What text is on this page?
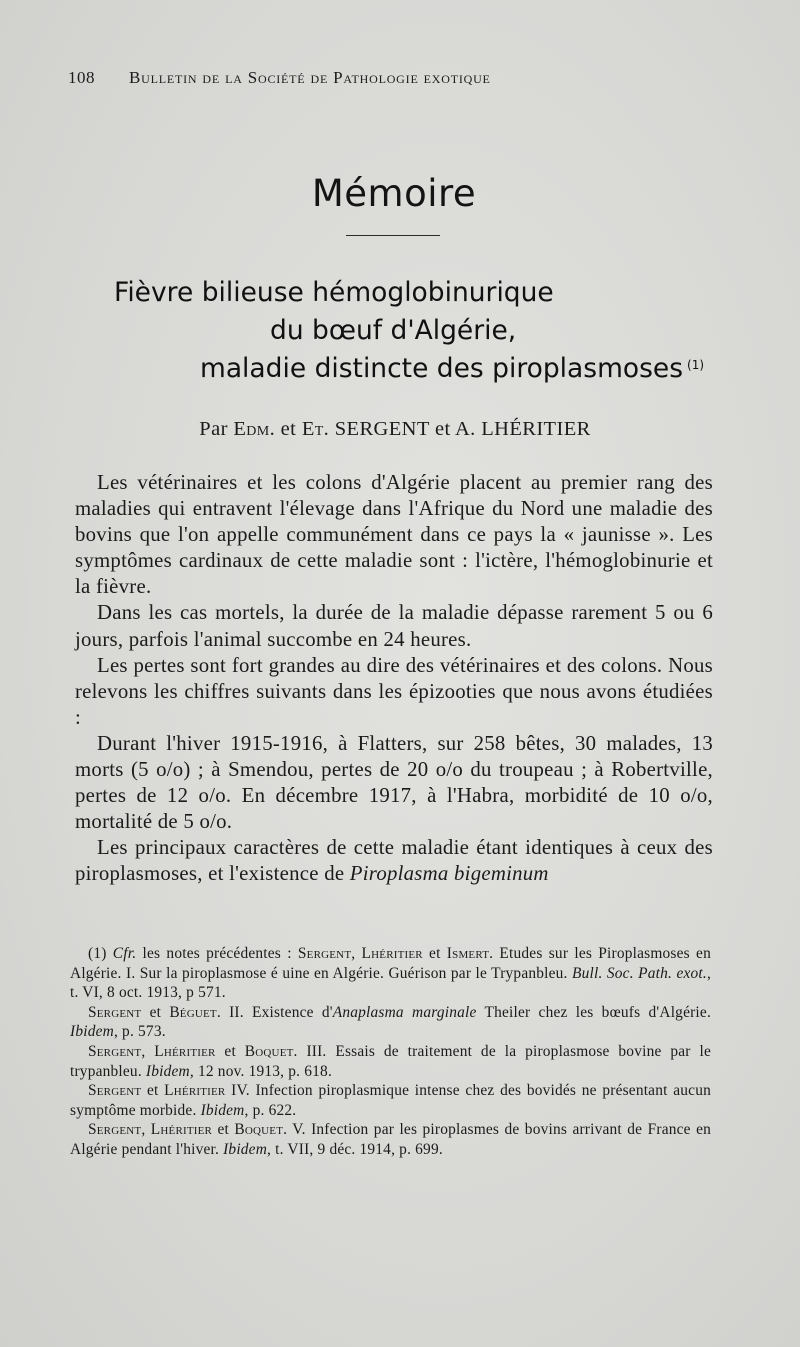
108 Bulletin de la Société de Pathologie exotique
Mémoire
Fièvre bilieuse hémoglobinurique
du bœuf d'Algérie,
maladie distincte des piroplasmoses $^{(1)}$
Par Edm. et Et. SERGENT et A. LHÉRITIER

Les vétérinaires et les colons d'Algérie placent au premier rang des maladies qui entravent l'élevage dans l'Afrique du Nord une maladie des bovins que l'on appelle communément dans ce pays la « jaunisse ». Les symptômes cardinaux de cette maladie sont : l'ictère, l'hémoglobinurie et la fièvre.

Dans les cas mortels, la durée de la maladie dépasse rarement 5 ou 6 jours, parfois l'animal succombe en 24 heures.

Les pertes sont fort grandes au dire des vétérinaires et des colons. Nous relevons les chiffres suivants dans les épizooties que nous avons étudiées :

Durant l'hiver 1915-1916, à Flatters, sur 258 bêtes, 30 malades, 13 morts (5 o/o) ; à Smendou, pertes de 20 o/o du troupeau ; à Robertville, pertes de 12 o/o. En décembre 1917, à l'Habra, morbidité de 10 o/o, mortalité de 5 o/o.

Les principaux caractères de cette maladie étant identiques à ceux des piroplasmoses, et l'existence de Piroplasma bigeminum

(1) Cfr. les notes précédentes : Sergent, Lhéritier et Ismert. Etudes sur les Piroplasmoses en Algérie. I. Sur la piroplasmose é uine en Algérie. Guérison par le Trypanbleu. Bull. Soc. Path. exot., t. VI, 8 oct. 1913, p 571.

Sergent et Béguet. II. Existence d'Anaplasma marginale Theiler chez les bœufs d'Algérie. Ibidem, p. 573.

Sergent, Lhéritier et Boquet. III. Essais de traitement de la piroplasmose bovine par le trypanbleu. Ibidem, 12 nov. 1913, p. 618.

Sergent et Lhéritier IV. Infection piroplasmique intense chez des bovidés ne présentant aucun symptôme morbide. Ibidem, p. 622.

Sergent, Lhéritier et Boquet. V. Infection par les piroplasmes de bovins arrivant de France en Algérie pendant l'hiver. Ibidem, t. VII, 9 déc. 1914, p. 699.
